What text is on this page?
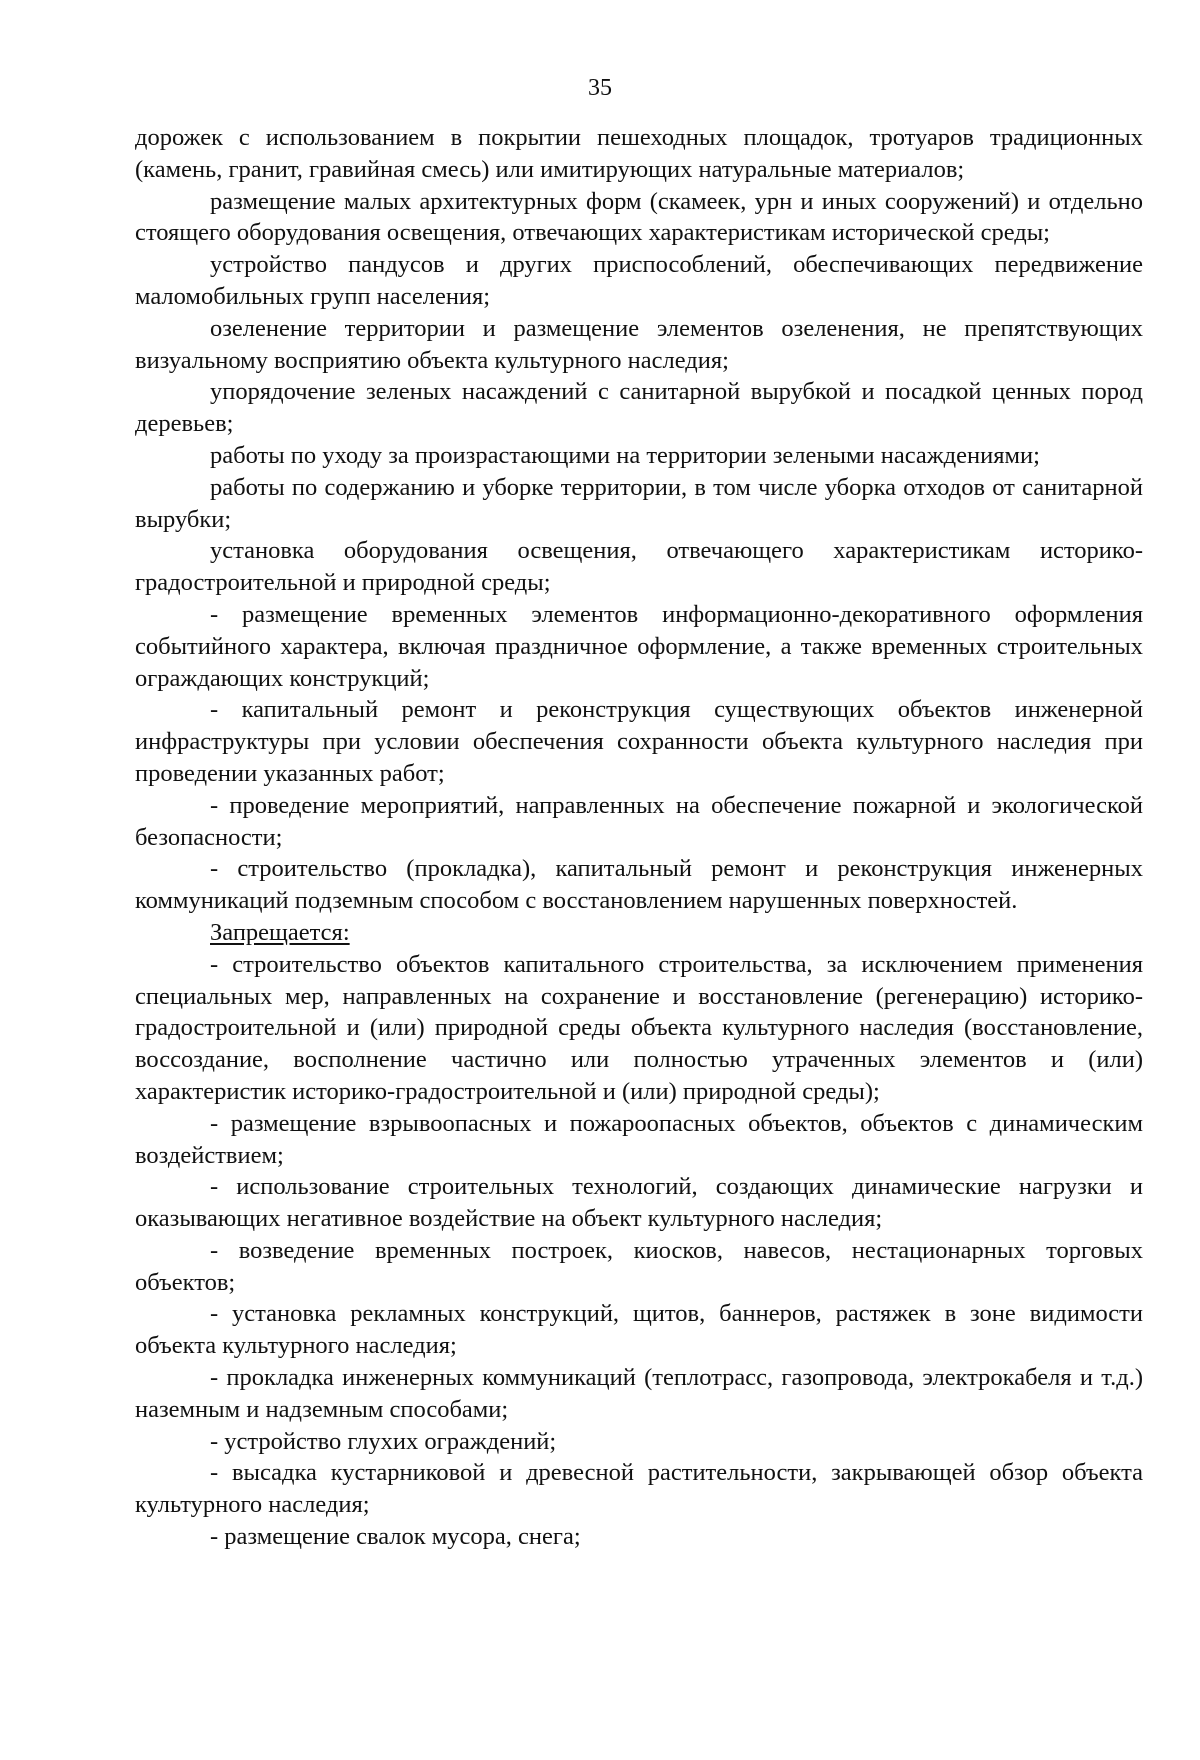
35

дорожек с использованием в покрытии пешеходных площадок, тротуаров традиционных (камень, гранит, гравийная смесь) или имитирующих натуральные материалов;

размещение малых архитектурных форм (скамеек, урн и иных сооружений) и отдельно стоящего оборудования освещения, отвечающих характеристикам исторической среды;

устройство пандусов и других приспособлений, обеспечивающих передвижение маломобильных групп населения;

озеленение территории и размещение элементов озеленения, не препятствующих визуальному восприятию объекта культурного наследия;

упорядочение зеленых насаждений с санитарной вырубкой и посадкой ценных пород деревьев;

работы по уходу за произрастающими на территории зелеными насаждениями;

работы по содержанию и уборке территории, в том числе уборка отходов от санитарной вырубки;

установка оборудования освещения, отвечающего характеристикам историко-градостроительной и природной среды;

- размещение временных элементов информационно-декоративного оформления событийного характера, включая праздничное оформление, а также временных строительных ограждающих конструкций;

- капитальный ремонт и реконструкция существующих объектов инженерной инфраструктуры при условии обеспечения сохранности объекта культурного наследия при проведении указанных работ;

- проведение мероприятий, направленных на обеспечение пожарной и экологической безопасности;

- строительство (прокладка), капитальный ремонт и реконструкция инженерных коммуникаций подземным способом с восстановлением нарушенных поверхностей.

Запрещается:

- строительство объектов капитального строительства, за исключением применения специальных мер, направленных на сохранение и восстановление (регенерацию) историко-градостроительной и (или) природной среды объекта культурного наследия (восстановление, воссоздание, восполнение частично или полностью утраченных элементов и (или) характеристик историко-градостроительной и (или) природной среды);

- размещение взрывоопасных и пожароопасных объектов, объектов с динамическим воздействием;

- использование строительных технологий, создающих динамические нагрузки и оказывающих негативное воздействие на объект культурного наследия;

- возведение временных построек, киосков, навесов, нестационарных торговых объектов;

- установка рекламных конструкций, щитов, баннеров, растяжек в зоне видимости объекта культурного наследия;

- прокладка инженерных коммуникаций (теплотрасс, газопровода, электрокабеля и т.д.) наземным и надземным способами;

- устройство глухих ограждений;

- высадка кустарниковой и древесной растительности, закрывающей обзор объекта культурного наследия;

- размещение свалок мусора, снега;
